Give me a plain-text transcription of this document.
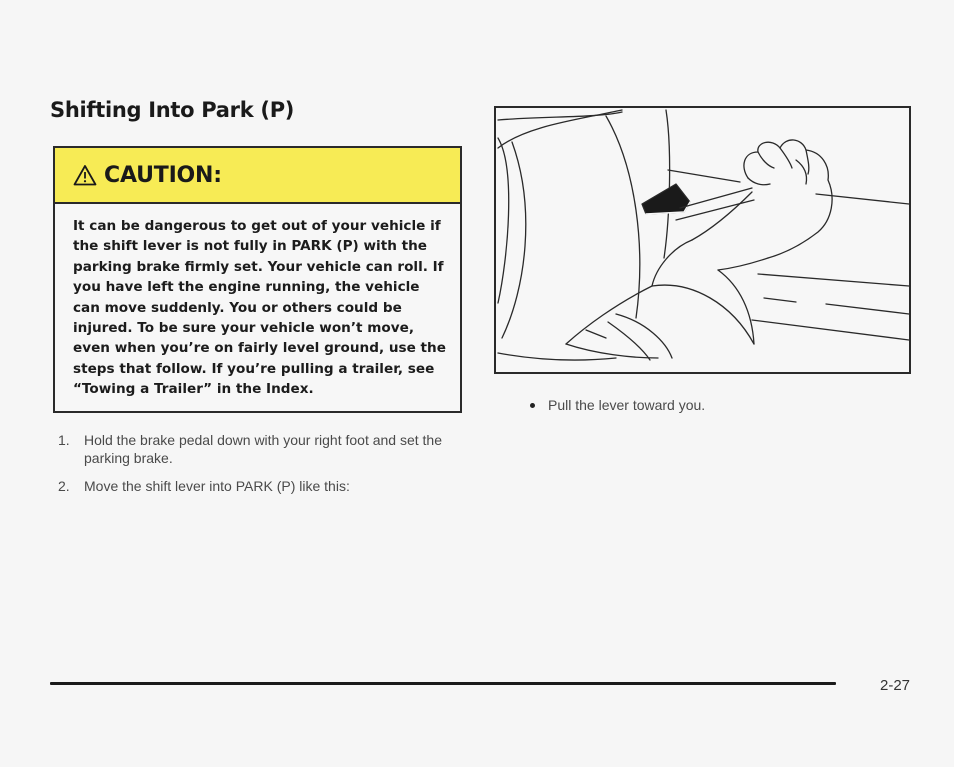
Shifting Into Park (P)
CAUTION:
It can be dangerous to get out of your vehicle if the shift lever is not fully in PARK (P) with the parking brake firmly set. Your vehicle can roll. If you have left the engine running, the vehicle can move suddenly. You or others could be injured. To be sure your vehicle won’t move, even when you’re on fairly level ground, use the steps that follow. If you’re pulling a trailer, see “Towing a Trailer” in the Index.
1. Hold the brake pedal down with your right foot and set the parking brake.
2. Move the shift lever into PARK (P) like this:
Pull the lever toward you.
2-27
